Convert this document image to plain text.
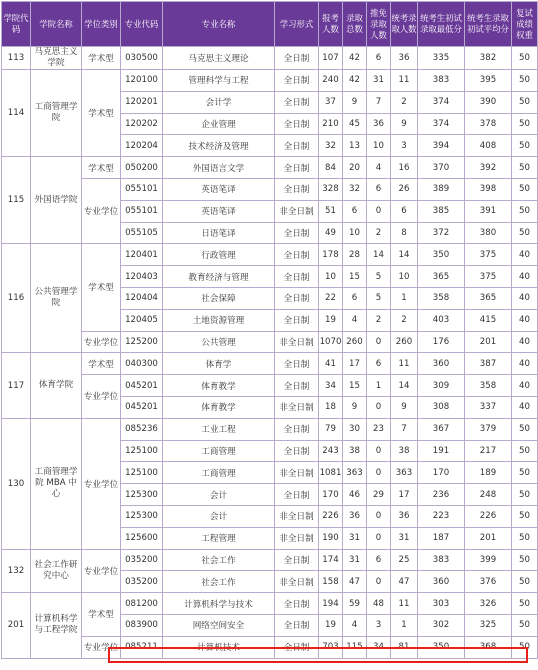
学院代码	学院名称	学位类别	专业代码	专业名称	学习形式	报考人数	录取总数	推免录取人数	统考录取人数	统考生初试录取最低分	统考生录取初试平均分	复试成绩权重
113	马克思主义学院	学术型	030500	马克思主义理论	全日制	107	42	6	36	335	382	50
114	工商管理学院	学术型	120100	管理科学与工程	全日制	240	42	31	11	383	395	50
			120201	会计学	全日制	37	9	7	2	374	390	50
			120202	企业管理	全日制	210	45	36	9	374	378	50
			120204	技术经济及管理	全日制	32	13	10	3	394	408	50
115	外国语学院	学术型	050200	外国语言文学	全日制	84	20	4	16	370	392	50
		专业学位	055101	英语笔译	全日制	328	32	6	26	389	398	50
			055101	英语笔译	非全日制	51	6	0	6	385	391	50
			055105	日语笔译	全日制	49	10	2	8	372	380	50
116	公共管理学院	学术型	120401	行政管理	全日制	178	28	14	14	350	375	40
			120403	教育经济与管理	全日制	10	15	5	10	365	375	40
			120404	社会保障	全日制	22	6	5	1	358	365	40
			120405	土地资源管理	全日制	19	4	2	2	403	415	40
		专业学位	125200	公共管理	非全日制	1070	260	0	260	176	201	40
117	体育学院	学术型	040300	体育学	全日制	41	17	6	11	360	387	40
		专业学位	045201	体育教学	全日制	34	15	1	14	309	358	40
			045201	体育教学	非全日制	18	9	0	9	308	337	40
130	工商管理学院 MBA 中心	专业学位	085236	工业工程	全日制	79	30	23	7	367	379	50
			125100	工商管理	全日制	243	38	0	38	191	217	50
			125100	工商管理	非全日制	1081	363	0	363	170	189	50
			125300	会计	全日制	170	46	29	17	236	248	50
			125300	会计	非全日制	226	36	0	36	223	226	50
			125600	工程管理	非全日制	190	31	0	31	187	201	50
132	社会工作研究中心	专业学位	035200	社会工作	全日制	174	31	6	25	383	399	50
			035200	社会工作	非全日制	158	47	0	47	360	376	50
201	计算机科学与工程学院	学术型	081200	计算机科学与技术	全日制	194	59	48	11	303	326	50
			083900	网络空间安全	全日制	19	4	3	1	302	325	50
		专业学位	085211	计算机技术	全日制	703	115	34	81	350	368	50
